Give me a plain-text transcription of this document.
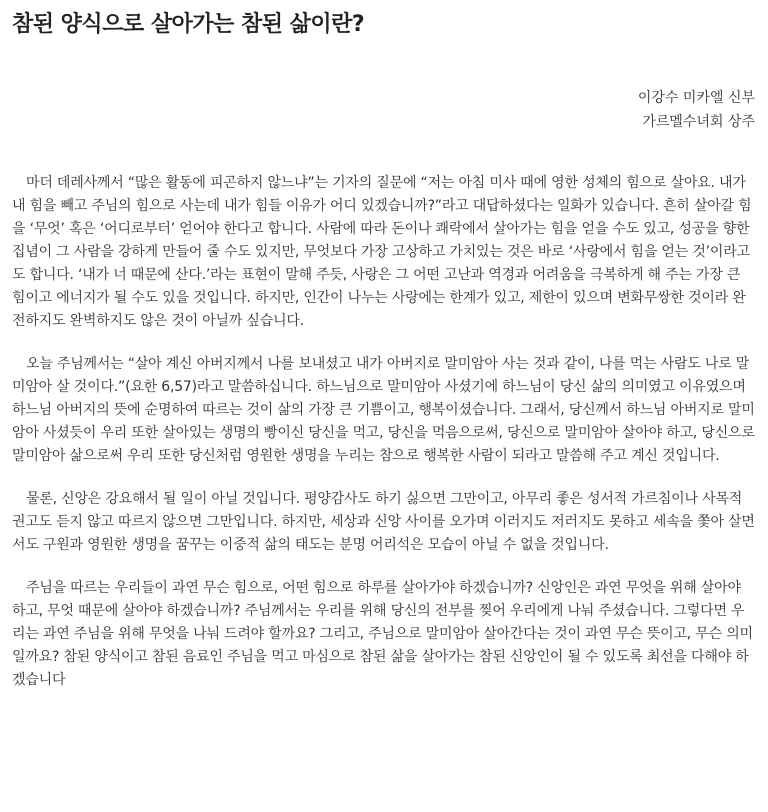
참된 양식으로 살아가는 참된 삶이란?
이강수 미카엘 신부
가르멜수녀회 상주

마더 데레사께서 “많은 활동에 피곤하지 않느냐”는 기자의 질문에 “저는 아침 미사 때에 영한 성체의 힘으로 살아요. 내가 내 힘을 빼고 주님의 힘으로 사는데 내가 힘들 이유가 어디 있겠습니까?”라고 대답하셨다는 일화가 있습니다. 흔히 살아갈 힘을 ‘무엇’ 혹은 ‘어디로부터’ 얻어야 한다고 합니다. 사람에 따라 돈이나 쾌락에서 살아가는 힘을 얻을 수도 있고, 성공을 향한 집념이 그 사람을 강하게 만들어 줄 수도 있지만, 무엇보다 가장 고상하고 가치있는 것은 바로 ‘사랑에서 힘을 얻는 것’이라고도 합니다. ‘내가 너 때문에 산다.’라는 표현이 말해 주듯, 사랑은 그 어떤 고난과 역경과 어려움을 극복하게 해 주는 가장 큰 힘이고 에너지가 될 수도 있을 것입니다. 하지만, 인간이 나누는 사랑에는 한계가 있고, 제한이 있으며 변화무쌍한 것이라 완전하지도 완벽하지도 않은 것이 아닐까 싶습니다.

오늘 주님께서는 “살아 계신 아버지께서 나를 보내셨고 내가 아버지로 말미암아 사는 것과 같이, 나를 먹는 사람도 나로 말미암아 살 것이다.”(요한 6,57)라고 말씀하십니다. 하느님으로 말미암아 사셨기에 하느님이 당신 삶의 의미였고 이유였으며 하느님 아버지의 뜻에 순명하여 따르는 것이 삶의 가장 큰 기쁨이고, 행복이셨습니다. 그래서, 당신께서 하느님 아버지로 말미암아 사셨듯이 우리 또한 살아있는 생명의 빵이신 당신을 먹고, 당신을 먹음으로써, 당신으로 말미암아 살아야 하고, 당신으로 말미암아 삶으로써 우리 또한 당신처럼 영원한 생명을 누리는 참으로 행복한 사람이 되라고 말씀해 주고 계신 것입니다.

물론, 신앙은 강요해서 될 일이 아닐 것입니다. 평양감사도 하기 싫으면 그만이고, 아무리 좋은 성서적 가르침이나 사목적 권고도 듣지 않고 따르지 않으면 그만입니다. 하지만, 세상과 신앙 사이를 오가며 이러지도 저러지도 못하고 세속을 쫓아 살면서도 구원과 영원한 생명을 꿈꾸는 이중적 삶의 태도는 분명 어리석은 모습이 아닐 수 없을 것입니다.

주님을 따르는 우리들이 과연 무슨 힘으로, 어떤 힘으로 하루를 살아가야 하겠습니까? 신앙인은 과연 무엇을 위해 살아야 하고, 무엇 때문에 살아야 하겠습니까? 주님께서는 우리를 위해 당신의 전부를 찢어 우리에게 나눠 주셨습니다. 그렇다면 우리는 과연 주님을 위해 무엇을 나눠 드려야 할까요? 그리고, 주님으로 말미암아 살아간다는 것이 과연 무슨 뜻이고, 무슨 의미일까요? 참된 양식이고 참된 음료인 주님을 먹고 마심으로 참된 삶을 살아가는 참된 신앙인이 될 수 있도록 최선을 다해야 하겠습니다
